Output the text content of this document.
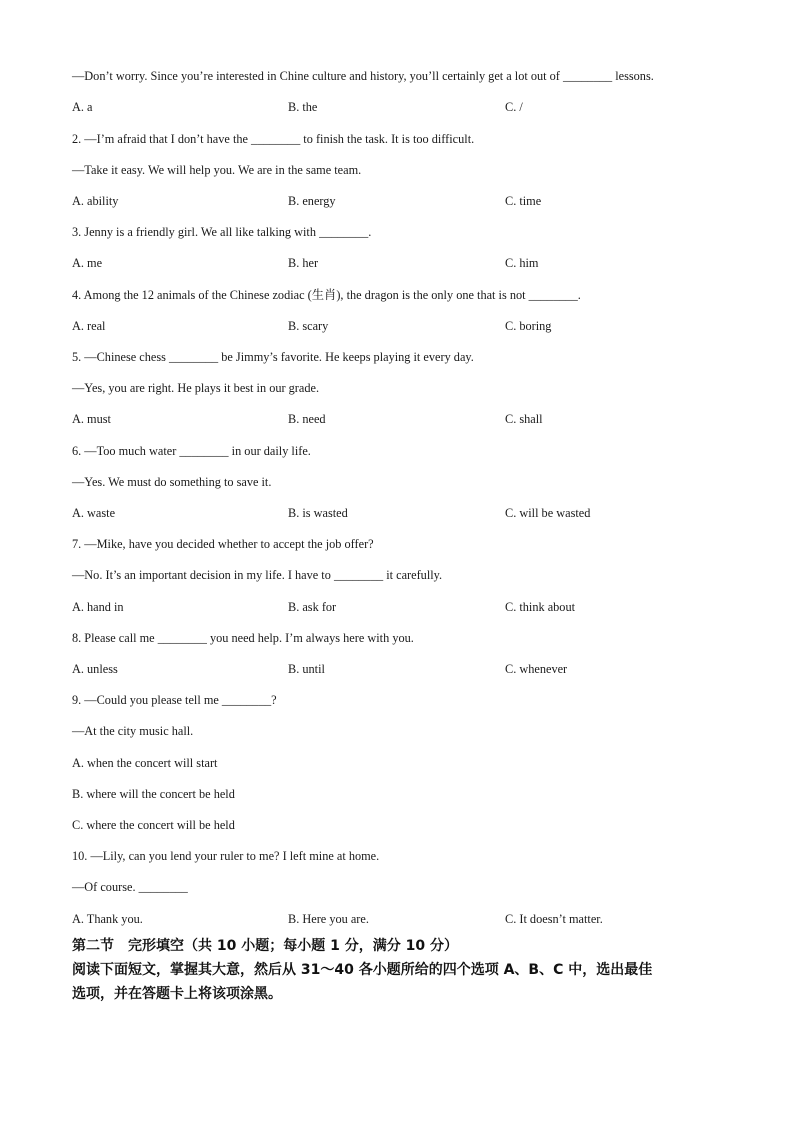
—Don’t worry. Since you’re interested in Chine culture and history, you’ll certainly get a lot out of ________ lessons.
A. a	B. the	C. /
2. —I’m afraid that I don’t have the ________ to finish the task. It is too difficult.
—Take it easy. We will help you. We are in the same team.
A. ability	B. energy	C. time
3. Jenny is a friendly girl. We all like talking with ________.
A. me	B. her	C. him
4. Among the 12 animals of the Chinese zodiac (生肖), the dragon is the only one that is not ________.
A. real	B. scary	C. boring
5. —Chinese chess ________ be Jimmy’s favorite. He keeps playing it every day.
—Yes, you are right. He plays it best in our grade.
A. must	B. need	C. shall
6. —Too much water ________ in our daily life.
—Yes. We must do something to save it.
A. waste	B. is wasted	C. will be wasted
7. —Mike, have you decided whether to accept the job offer?
—No. It’s an important decision in my life. I have to ________ it carefully.
A. hand in	B. ask for	C. think about
8. Please call me ________ you need help. I’m always here with you.
A. unless	B. until	C. whenever
9. —Could you please tell me ________?
—At the city music hall.
A. when the concert will start
B. where will the concert be held
C. where the concert will be held
10. —Lily, can you lend your ruler to me? I left mine at home.
—Of course. ________
A. Thank you.	B. Here you are.	C. It doesn’t matter.
第二节　完形填空（共 10 小题；每小题 1 分，满分 10 分）
阅读下面短文，掌握其大意，然后从 31～40 各小题所给的四个选项 A、B、C 中，选出最佳
选项，并在答题卡上将该项涂黑。
